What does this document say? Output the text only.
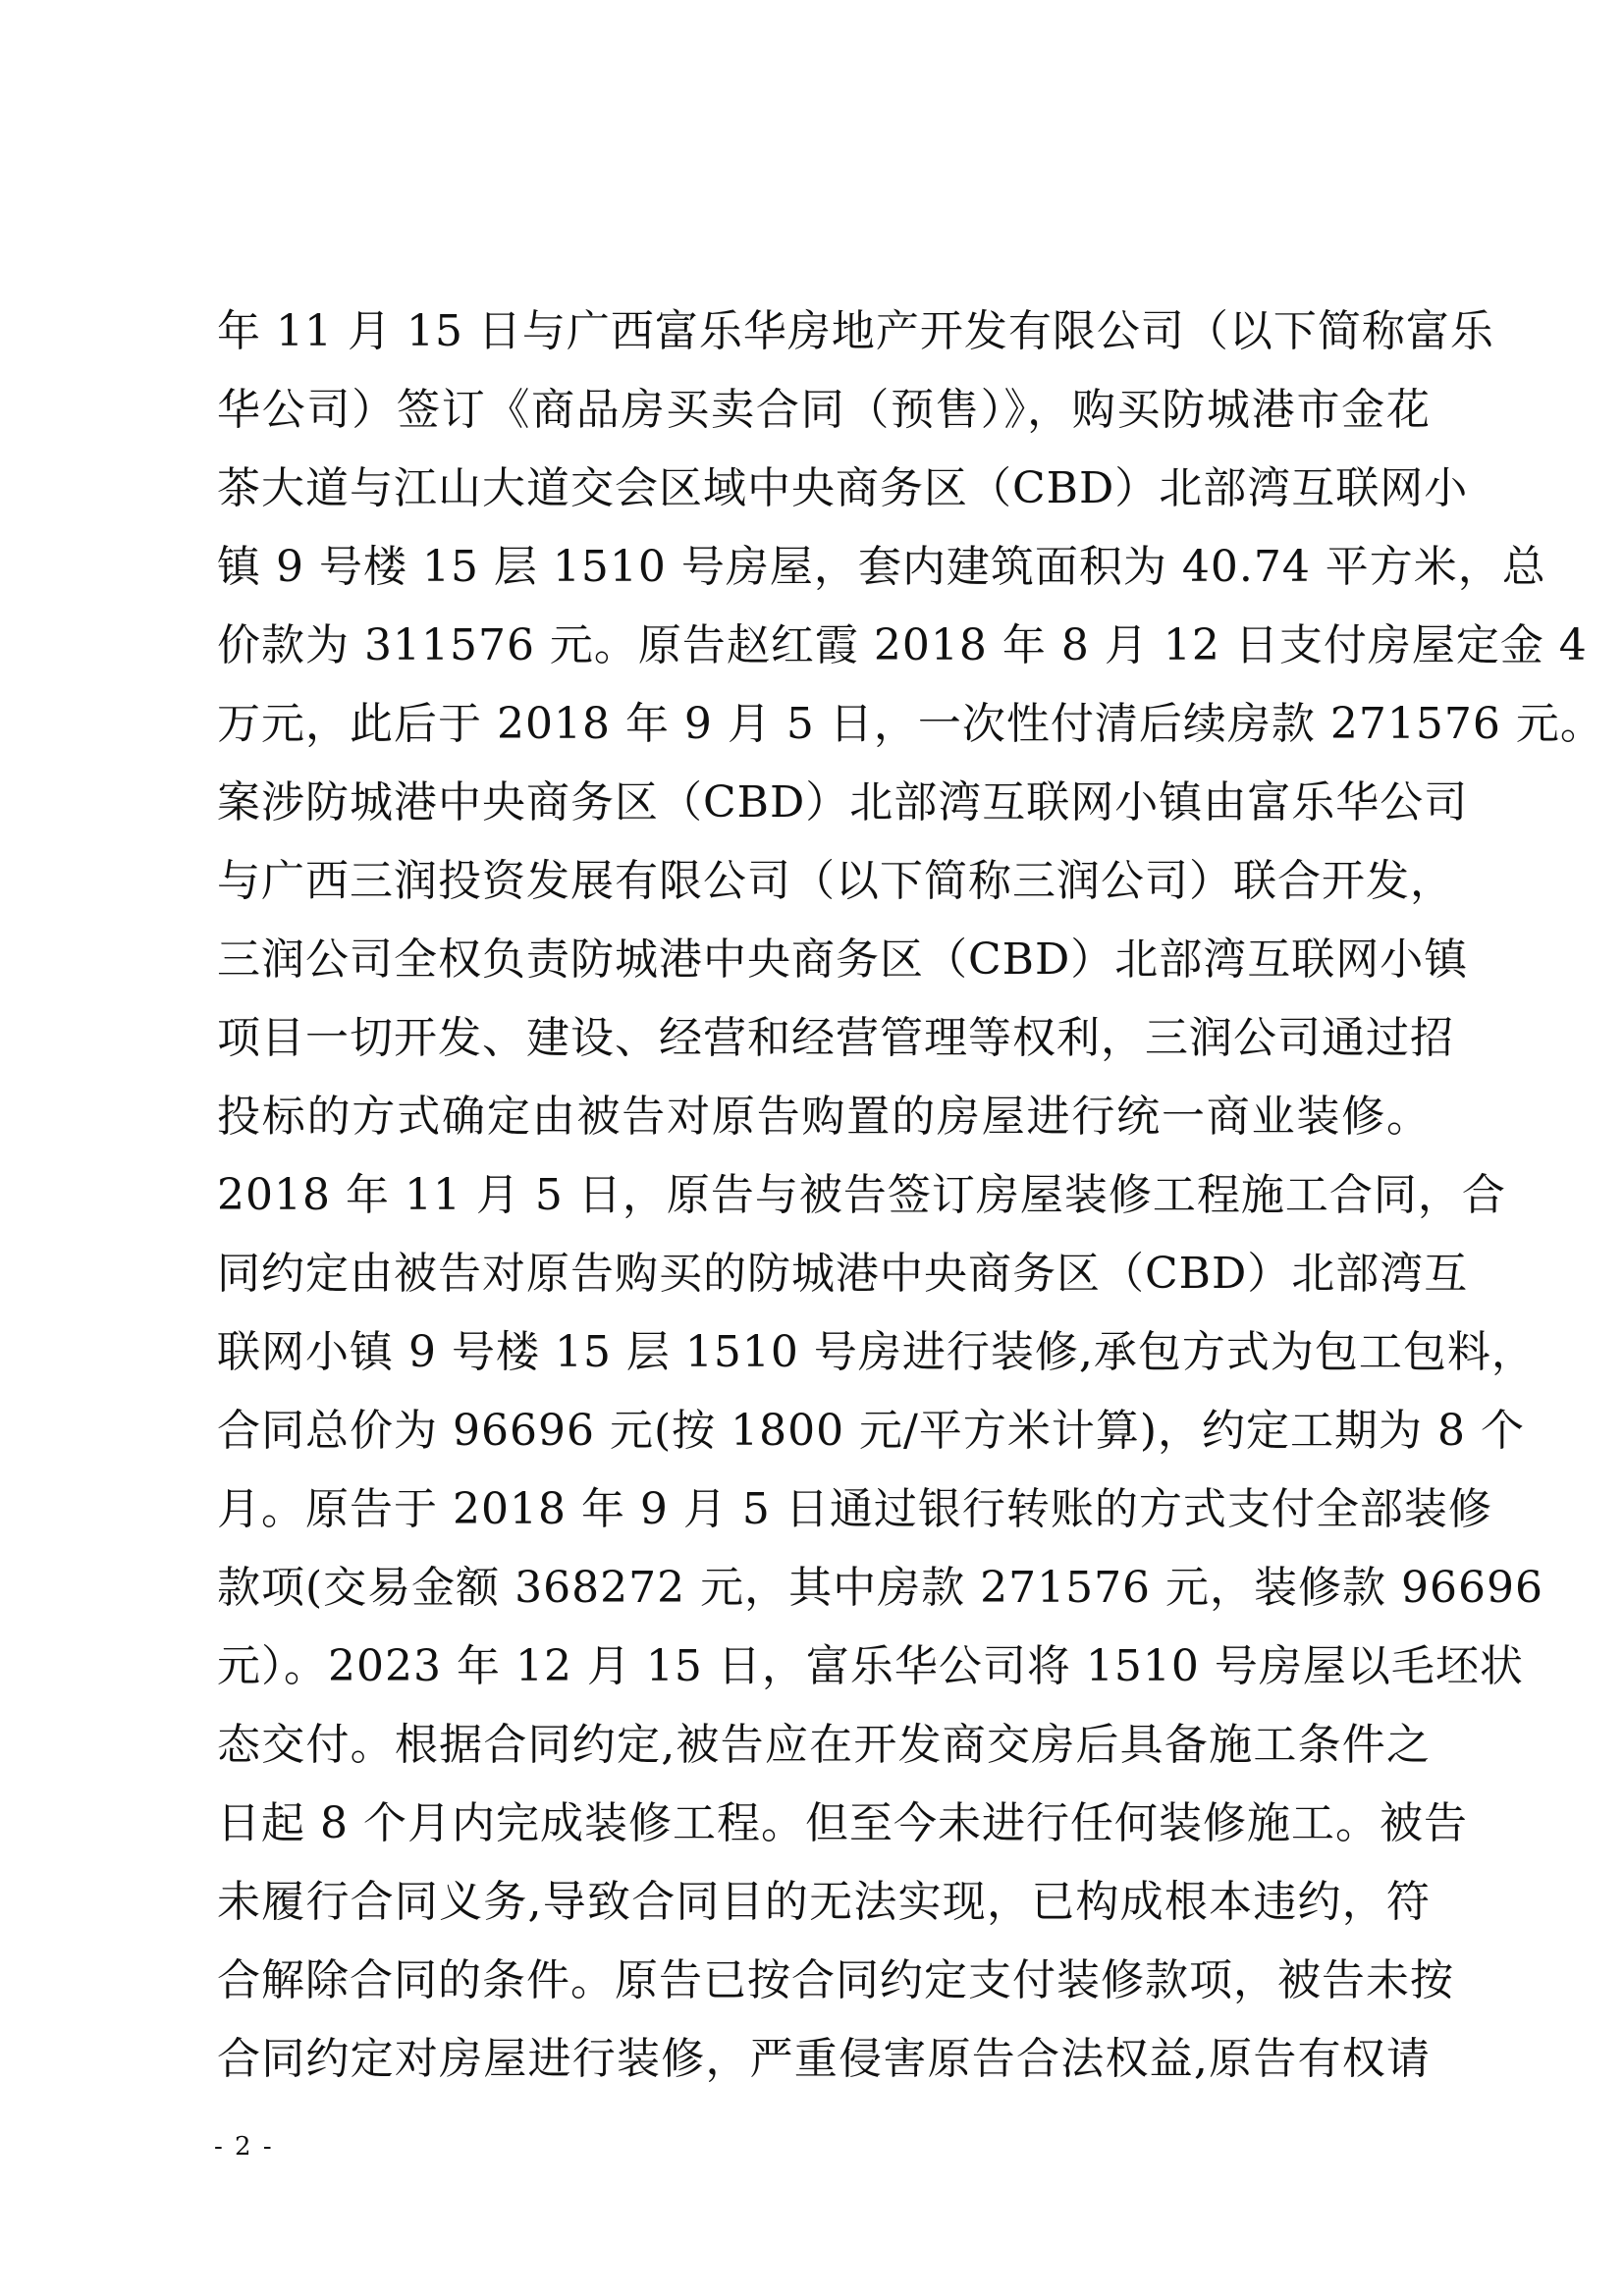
年 11 月 15 日与广西富乐华房地产开发有限公司（以下简称富乐
华公司）签订《商品房买卖合同（预售）》，购买防城港市金花
茶大道与江山大道交会区域中央商务区（CBD）北部湾互联网小
镇 9 号楼 15 层 1510 号房屋，套内建筑面积为 40.74 平方米，总
价款为 311576 元。原告赵红霞 2018 年 8 月 12 日支付房屋定金 4
万元，此后于 2018 年 9 月 5 日，一次性付清后续房款 271576 元。
案涉防城港中央商务区（CBD）北部湾互联网小镇由富乐华公司
与广西三润投资发展有限公司（以下简称三润公司）联合开发，
三润公司全权负责防城港中央商务区（CBD）北部湾互联网小镇
项目一切开发、建设、经营和经营管理等权利，三润公司通过招
投标的方式确定由被告对原告购置的房屋进行统一商业装修。
2018 年 11 月 5 日，原告与被告签订房屋装修工程施工合同，合
同约定由被告对原告购买的防城港中央商务区（CBD）北部湾互
联网小镇 9 号楼 15 层 1510 号房进行装修,承包方式为包工包料，
合同总价为 96696 元(按 1800 元/平方米计算)，约定工期为 8 个
月。原告于 2018 年 9 月 5 日通过银行转账的方式支付全部装修
款项(交易金额 368272 元，其中房款 271576 元，装修款 96696
元）。2023 年 12 月 15 日，富乐华公司将 1510 号房屋以毛坯状
态交付。根据合同约定,被告应在开发商交房后具备施工条件之
日起 8 个月内完成装修工程。但至今未进行任何装修施工。被告
未履行合同义务,导致合同目的无法实现，已构成根本违约，符
合解除合同的条件。原告已按合同约定支付装修款项，被告未按
合同约定对房屋进行装修，严重侵害原告合法权益,原告有权请
- 2 -
